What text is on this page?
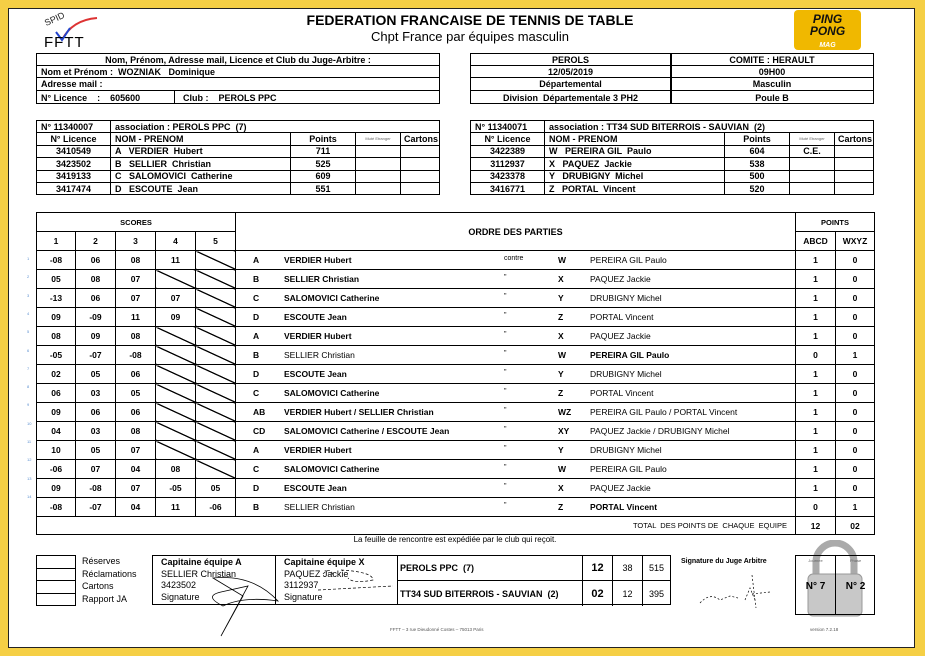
SPID
FFTT
FEDERATION FRANCAISE DE TENNIS DE TABLE
Chpt France par équipes masculin
PING
PONG
MAG
Nom, Prénom, Adresse mail, Licence et Club du Juge-Arbitre :
Nom et Prénom :
WOZNIAK   Dominique
Adresse mail :
N° Licence    :
605600	Club :
PEROLS PPC
PEROLS	COMITE : HERAULT
12/05/2019	09H00
Départemental	Masculin
Division  Départementale 3 PH2	Poule B
N° 11340007	association : PEROLS PPC  (7)
N° Licence	NOM - PRENOM	Points	Muté Etranger	Cartons
3410549	A   VERDIER  Hubert	711
3423502	B   SELLIER  Christian	525
3419133	C   SALOMOVICI  Catherine	609
3417474	D   ESCOUTE  Jean	551
N° 11340071	association : TT34 SUD BITERROIS - SAUVIAN  (2)
N° Licence	NOM - PRENOM	Points	Muté Etranger	Cartons
3422389	W   PEREIRA GIL  Paulo	604	C.E.
3112937	X   PAQUEZ  Jackie	538
3423378	Y   DRUBIGNY  Michel	500
3416771	Z   PORTAL  Vincent	520
SCORES					ORDRE DES PARTIES	POINTS	
1	2	3	4	5		ABCD	WXYZ
-08	06	08	11		A VERDIER Hubert contre W PEREIRA GIL Paulo	1	0
05	08	07			B SELLIER Christian " X PAQUEZ Jackie	1	0
-13	06	07	07		C SALOMOVICI Catherine " Y DRUBIGNY Michel	1	0
09	-09	11	09		D ESCOUTE Jean " Z PORTAL Vincent	1	0
08	09	08			A VERDIER Hubert " X PAQUEZ Jackie	1	0
-05	-07	-08			B SELLIER Christian " W PEREIRA GIL Paulo	0	1
02	05	06			D ESCOUTE Jean " Y DRUBIGNY Michel	1	0
06	03	05			C SALOMOVICI Catherine " Z PORTAL Vincent	1	0
09	06	06			AB VERDIER Hubert / SELLIER Christian " WZ PEREIRA GIL Paulo / PORTAL Vincent	1	0
04	03	08			CD SALOMOVICI Catherine / ESCOUTE Jean " XY PAQUEZ Jackie / DRUBIGNY Michel	1	0
10	05	07			A VERDIER Hubert " Y DRUBIGNY Michel	1	0
-06	07	04	08		C SALOMOVICI Catherine " W PEREIRA GIL Paulo	1	0
09	-08	07	-05	05	D ESCOUTE Jean " X PAQUEZ Jackie	1	0
-08	-07	04	11	-06	B SELLIER Christian " Z PORTAL Vincent	0	1
TOTAL  DES POINTS DE  CHAQUE  EQUIPE						12	02
1
2
3
4
5
6
7
8
9
10
11
12
13
14
La feuille de rencontre est expédiée par le club qui reçoit.
Réserves
Réclamations
Cartons
Rapport JA
Capitaine équipe A
SELLIER Christian
3423502
Signature
Capitaine équipe X
PAQUEZ Jackie
3112937
Signature
PEROLS PPC  (7)	12	38	515
TT34 SUD BITERROIS - SAUVIAN  (2)	02	12	395
Signature du Juge Arbitre	Journée	Phase
N° 7	N° 2
FFTT – 3 rue Dieudonné Costes – 75013 Paris	version 7.2.18
